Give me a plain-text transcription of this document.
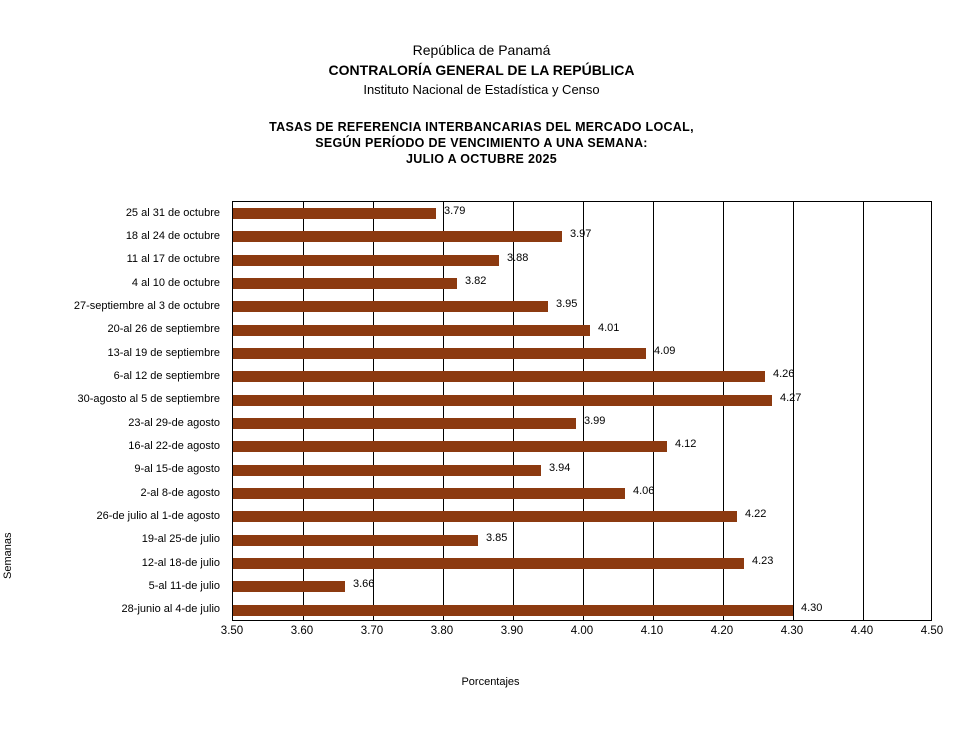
República de Panamá
CONTRALORÍA GENERAL DE LA REPÚBLICA
Instituto Nacional de Estadística y Censo
TASAS DE REFERENCIA INTERBANCARIAS DEL MERCADO LOCAL,
SEGÚN PERÍODO DE VENCIMIENTO A UNA SEMANA:
JULIO A OCTUBRE 2025
Semanas
25 al 31 de octubre
18 al 24 de octubre
11 al 17 de octubre
4 al 10 de octubre
27-septiembre al 3 de octubre
20-al 26 de septiembre
13-al 19 de septiembre
6-al 12 de septiembre
30-agosto al 5 de septiembre
23-al 29-de agosto
16-al 22-de agosto
9-al 15-de agosto
2-al 8-de agosto
26-de julio al 1-de agosto
19-al 25-de julio
12-al 18-de julio
5-al 11-de julio
28-junio al 4-de julio
3.79
3.97
3.88
3.82
3.95
4.01
4.09
4.26
4.27
3.99
4.12
3.94
4.06
4.22
3.85
4.23
3.66
4.30
3.50	3.60	3.70	3.80	3.90	4.00	4.10	4.20	4.30	4.40	4.50
Porcentajes
